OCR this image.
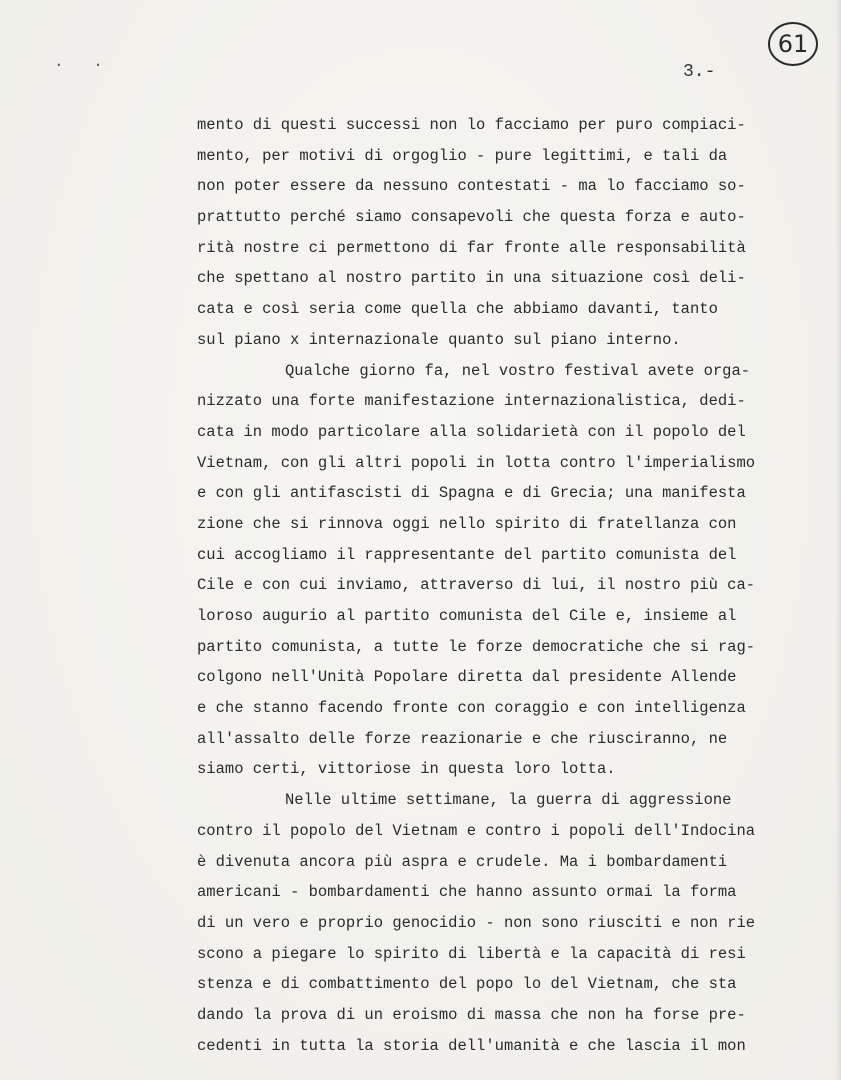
· ·
61
3.-
mento di questi successi non lo facciamo per puro compiaci-
mento, per motivi di orgoglio - pure legittimi, e tali da
non poter essere da nessuno contestati - ma lo facciamo so-
prattutto perché siamo consapevoli che questa forza e auto-
rità nostre ci permettono di far fronte alle responsabilità
che spettano al nostro partito in una situazione così deli-
cata e così seria come quella che abbiamo davanti, tanto
sul piano x internazionale quanto sul piano interno.
Qualche giorno fa, nel vostro festival avete orga-
nizzato una forte manifestazione internazionalistica, dedi-
cata in modo particolare alla solidarietà con il popolo del
Vietnam, con gli altri popoli in lotta contro l'imperialismo
e con gli antifascisti di Spagna e di Grecia; una manifesta
zione che si rinnova oggi nello spirito di fratellanza con
cui accogliamo il rappresentante del partito comunista del
Cile e con cui inviamo, attraverso di lui, il nostro più ca-
loroso augurio al partito comunista del Cile e, insieme al
partito comunista, a tutte le forze democratiche che si rag-
colgono nell'Unità Popolare diretta dal presidente Allende
e che stanno facendo fronte con coraggio e con intelligenza
all'assalto delle forze reazionarie e che riusciranno, ne
siamo certi, vittoriose in questa loro lotta.
Nelle ultime settimane, la guerra di aggressione
contro il popolo del Vietnam e contro i popoli dell'Indocina
è divenuta ancora più aspra e crudele. Ma i bombardamenti
americani - bombardamenti che hanno assunto ormai la forma
di un vero e proprio genocidio - non sono riusciti e non rie
scono a piegare lo spirito di libertà e la capacità di resi
stenza e di combattimento del popo lo del Vietnam, che sta
dando la prova di un eroismo di massa che non ha forse pre-
cedenti in tutta la storia dell'umanità e che lascia il mon
